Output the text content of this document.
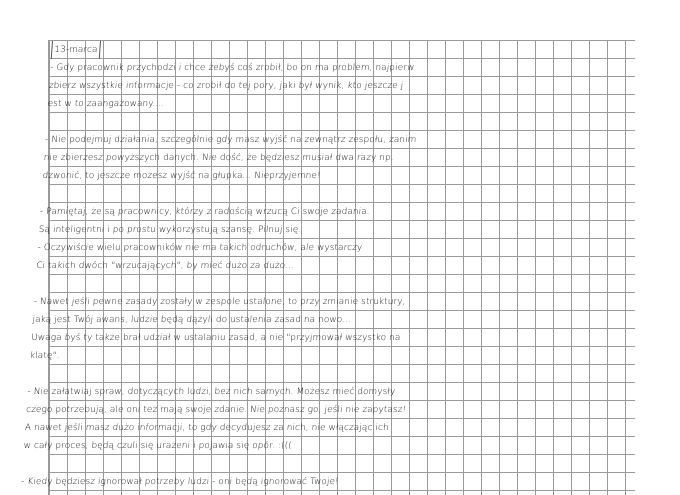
13-marca
- Gdy pracownik przychodzi i chce żebyś coś zrobił, bo on ma problem, najpierw
zbierz wszystkie informacje - co zrobił do tej pory, jaki był wynik, kto jeszcze j
est w to zaangażowany....
- Nie podejmuj działania, szczególnie gdy masz wyjść na zewnątrz zespołu, zanim
nie zbierzesz powyższych danych. Nie dość, że będziesz musiał dwa razy np.
dzwonić, to jeszcze możesz wyjść na głupka... Nieprzyjemne!
- Pamiętaj, że są pracownicy, którzy z radością wrzucą Ci swoje zadania.
Są inteligentni i po prostu wykorzystują szansę. Pilnuj się.
- Oczywiście wielu pracowników nie ma takich odruchów, ale wystarczy
Ci takich dwóch "wrzucających", by mieć dużo za dużo...
- Nawet jeśli pewne zasady zostały w zespole ustalone, to przy zmianie struktury,
jaką jest Twój awans, ludzie będą dążyli do ustalenia zasad na nowo...
Uwaga byś ty także brał udział w ustalaniu zasad, a nie "przyjmował wszystko na
klatę".
- Nie załatwiaj spraw, dotyczących ludzi, bez nich samych. Możesz mieć domysły
czego potrzebują, ale oni też mają swoje zdanie. Nie poznasz go, jeśli nie zapytasz!
A nawet jeśli masz dużo informacji, to gdy decydujesz za nich, nie włączając ich
w cały proces, będą czuli się urażeni i pojawia się opór. :(((
- Kiedy będziesz ignorował potrzeby ludzi - oni będą ignorować Twoje!
